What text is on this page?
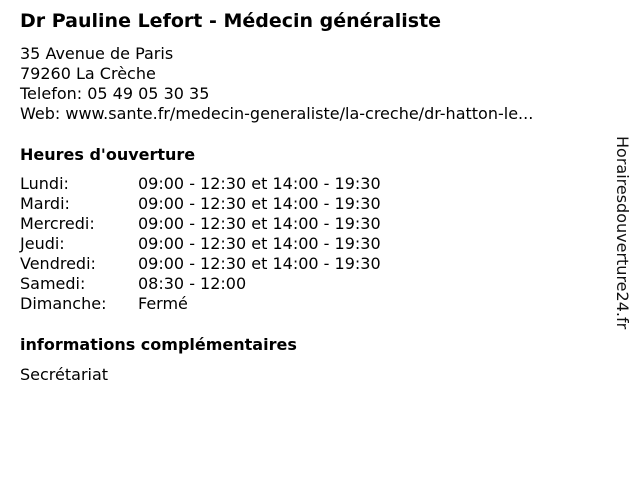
Dr Pauline Lefort - Médecin généraliste
35 Avenue de Paris
79260 La Crèche
Telefon: 05 49 05 30 35
Web: www.sante.fr/medecin-generaliste/la-creche/dr-hatton-le...
Heures d'ouverture
Lundi:	09:00 - 12:30 et 14:00 - 19:30
Mardi:	09:00 - 12:30 et 14:00 - 19:30
Mercredi:	09:00 - 12:30 et 14:00 - 19:30
Jeudi:	09:00 - 12:30 et 14:00 - 19:30
Vendredi:	09:00 - 12:30 et 14:00 - 19:30
Samedi:	08:30 - 12:00
Dimanche: Fermé
informations complémentaires
Secrétariat
Horairesdouverture24.fr
